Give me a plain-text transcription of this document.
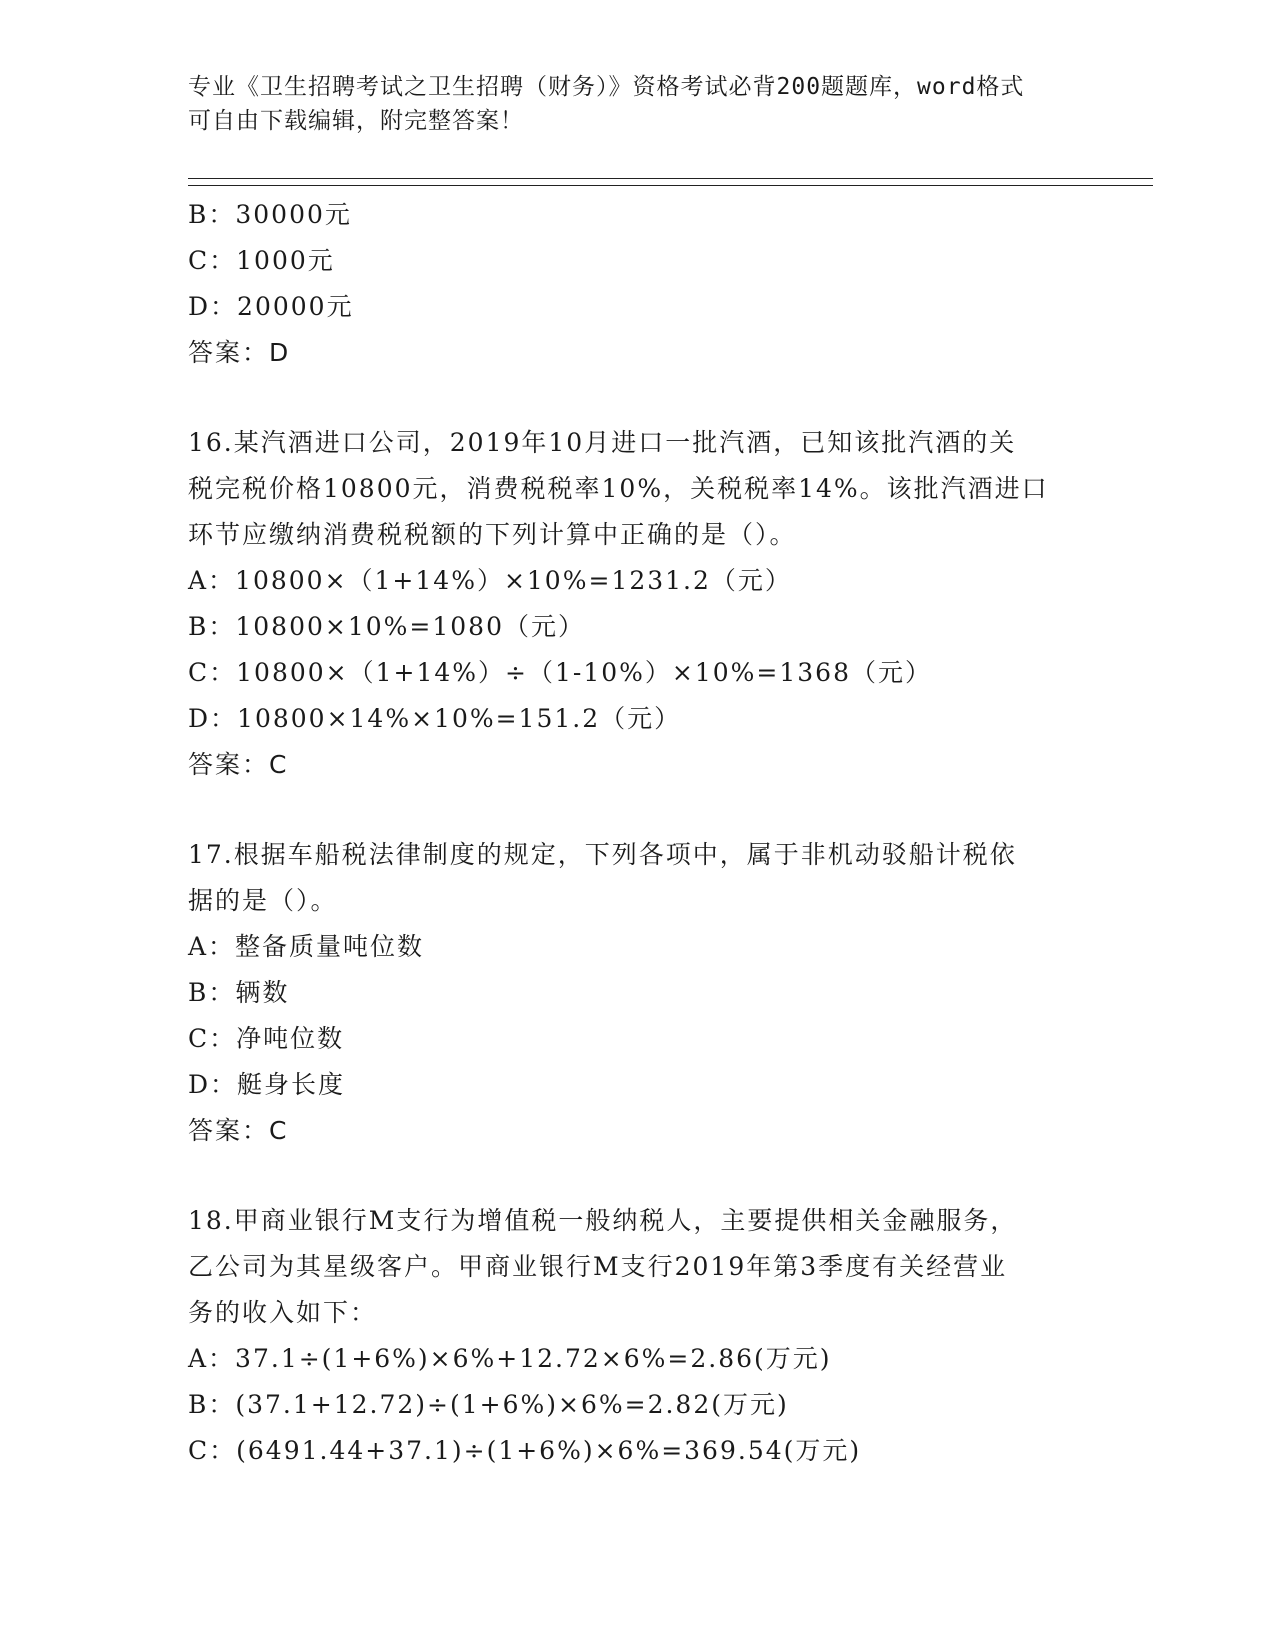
专业《卫生招聘考试之卫生招聘（财务）》资格考试必背200题题库，word格式
可自由下载编辑，附完整答案！
B：30000元
C：1000元
D：20000元
答案：D
16.某汽酒进口公司，2019年10月进口一批汽酒，已知该批汽酒的关
税完税价格10800元，消费税税率10%，关税税率14%。该批汽酒进口
环节应缴纳消费税税额的下列计算中正确的是（）。
A：10800×（1+14%）×10%=1231.2（元）
B：10800×10%=1080（元）
C：10800×（1+14%）÷（1-10%）×10%=1368（元）
D：10800×14%×10%=151.2（元）
答案：C
17.根据车船税法律制度的规定，下列各项中，属于非机动驳船计税依
据的是（）。
A：整备质量吨位数
B：辆数
C：净吨位数
D：艇身长度
答案：C
18.甲商业银行M支行为增值税一般纳税人，主要提供相关金融服务，
乙公司为其星级客户。甲商业银行M支行2019年第3季度有关经营业
务的收入如下：
A：37.1÷(1+6%)×6%+12.72×6%=2.86(万元)
B：(37.1+12.72)÷(1+6%)×6%=2.82(万元)
C：(6491.44+37.1)÷(1+6%)×6%=369.54(万元)
